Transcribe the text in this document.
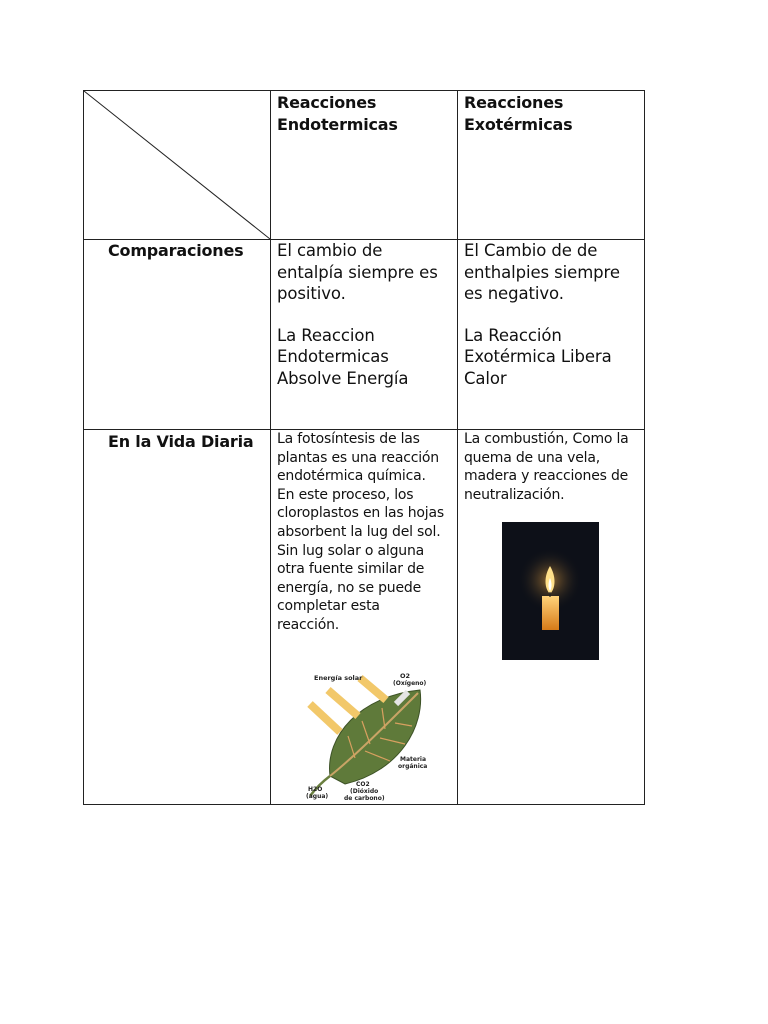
Reacciones Endotermicas
Reacciones Exotérmicas
Comparaciones El cambio de entalpía siempre es positivo.
La Reaccion Endotermicas Absolve Energía
El Cambio de de enthalpies siempre es negativo.
La Reacción Exotérmica Libera Calor
En la Vida Diaria La fotosíntesis de las plantas es una reacción endotérmica química. En este proceso, los cloroplastos en las hojas absorbent la lug del sol. Sin lug solar o alguna otra fuente similar de energía, no se puede completar esta reacción.
La combustión, Como la quema de una vela, madera y reacciones de neutralización.
Energía solar	O2
(Oxígeno)
Materia
orgánica
H2O
(agua)
CO2
(Dióxido
de carbono)
